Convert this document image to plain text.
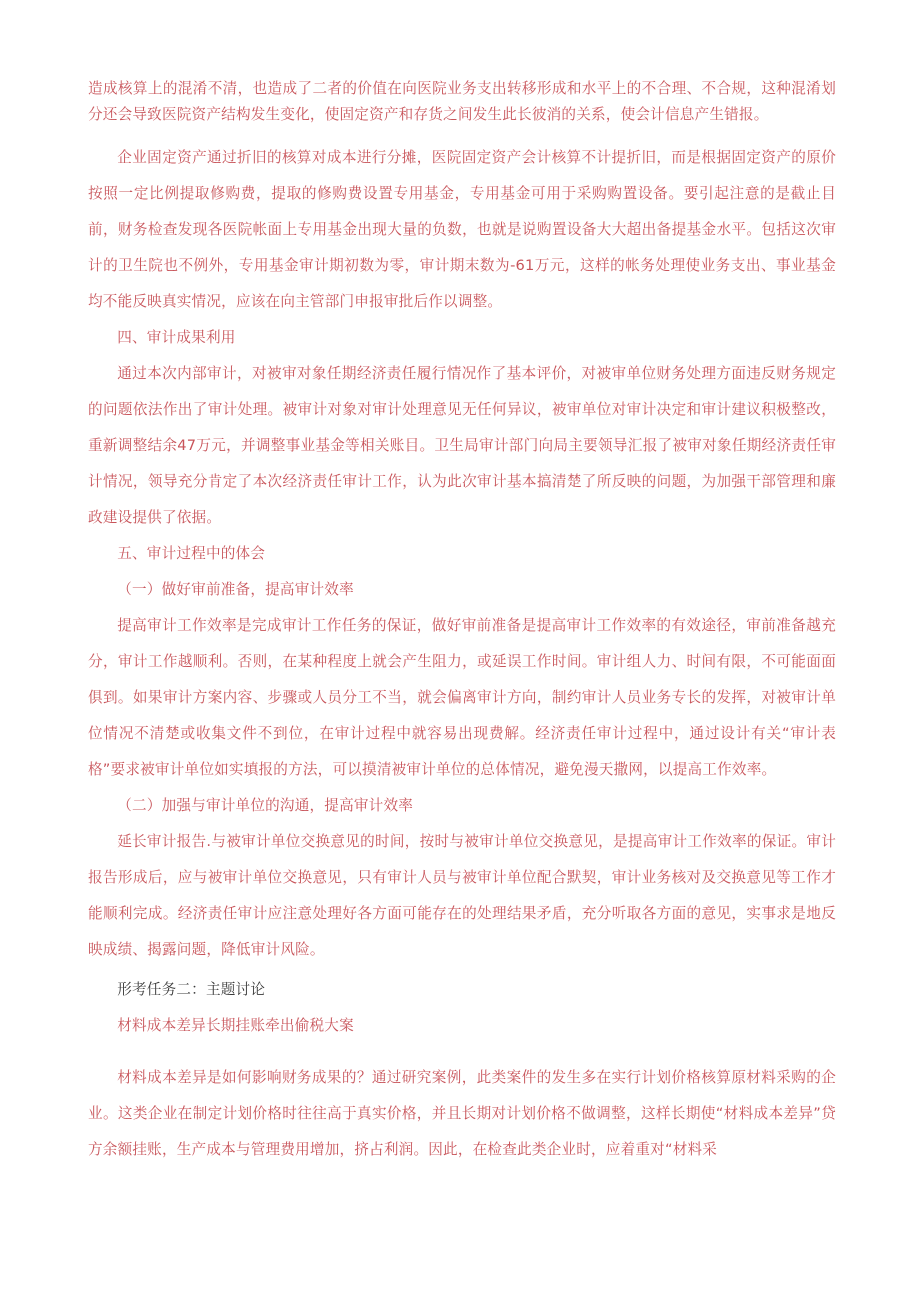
造成核算上的混淆不清，也造成了二者的价值在向医院业务支出转移形成和水平上的不合理、不合规，这种混淆划分还会导致医院资产结构发生变化，使固定资产和存货之间发生此长彼消的关系，使会计信息产生错报。

企业固定资产通过折旧的核算对成本进行分摊，医院固定资产会计核算不计提折旧，而是根据固定资产的原价按照一定比例提取修购费，提取的修购费设置专用基金，专用基金可用于采购购置设备。要引起注意的是截止目前，财务检查发现各医院帐面上专用基金出现大量的负数，也就是说购置设备大大超出备提基金水平。包括这次审计的卫生院也不例外，专用基金审计期初数为零，审计期末数为-61万元，这样的帐务处理使业务支出、事业基金均不能反映真实情况，应该在向主管部门申报审批后作以调整。

四、审计成果利用

通过本次内部审计，对被审对象任期经济责任履行情况作了基本评价，对被审单位财务处理方面违反财务规定的问题依法作出了审计处理。被审计对象对审计处理意见无任何异议，被审单位对审计决定和审计建议积极整改，重新调整结余47万元，并调整事业基金等相关账目。卫生局审计部门向局主要领导汇报了被审对象任期经济责任审计情况，领导充分肯定了本次经济责任审计工作，认为此次审计基本搞清楚了所反映的问题，为加强干部管理和廉政建设提供了依据。

五、审计过程中的体会

（一）做好审前准备，提高审计效率

提高审计工作效率是完成审计工作任务的保证，做好审前准备是提高审计工作效率的有效途径，审前准备越充分，审计工作越顺利。否则，在某种程度上就会产生阻力，或延误工作时间。审计组人力、时间有限，不可能面面俱到。如果审计方案内容、步骤或人员分工不当，就会偏离审计方向，制约审计人员业务专长的发挥，对被审计单位情况不清楚或收集文件不到位，在审计过程中就容易出现费解。经济责任审计过程中，通过设计有关“审计表格”要求被审计单位如实填报的方法，可以摸清被审计单位的总体情况，避免漫天撒网，以提高工作效率。

（二）加强与审计单位的沟通，提高审计效率

延长审计报告.与被审计单位交换意见的时间，按时与被审计单位交换意见，是提高审计工作效率的保证。审计报告形成后，应与被审计单位交换意见，只有审计人员与被审计单位配合默契，审计业务核对及交换意见等工作才能顺利完成。经济责任审计应注意处理好各方面可能存在的处理结果矛盾，充分听取各方面的意见，实事求是地反映成绩、揭露问题，降低审计风险。

形考任务二：主题讨论

材料成本差异长期挂账牵出偷税大案

材料成本差异是如何影响财务成果的？通过研究案例，此类案件的发生多在实行计划价格核算原材料采购的企业。这类企业在制定计划价格时往往高于真实价格，并且长期对计划价格不做调整，这样长期使“材料成本差异”贷方余额挂账，生产成本与管理费用增加，挤占利润。因此，在检查此类企业时，应着重对“材料采
